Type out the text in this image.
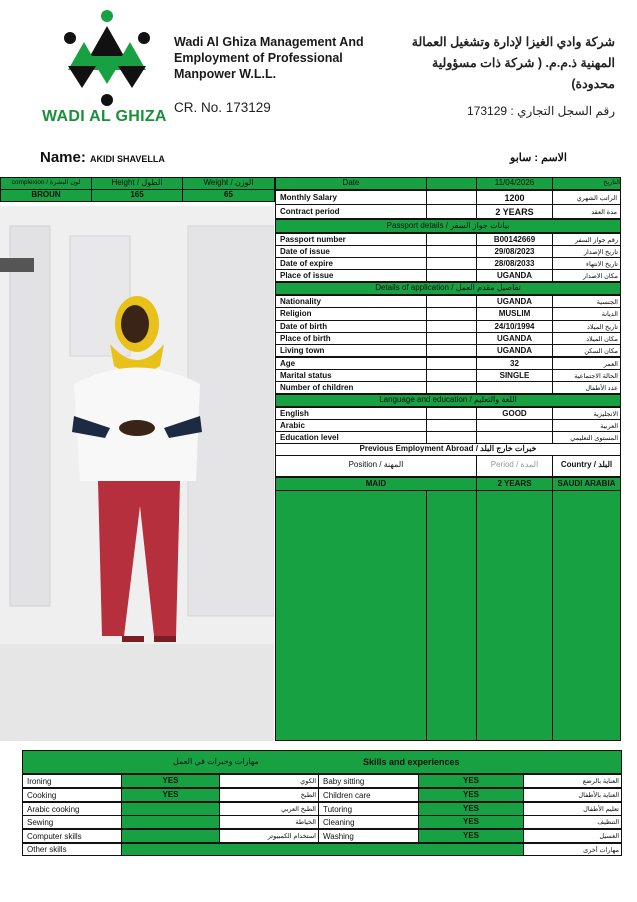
WADI AL GHIZA
Wadi Al Ghiza Management And Employment of Professional Manpower W.L.L.
CR. No. 173129
شركة وادي الغيزا لإدارة وتشغيل العمالة المهنية ذ.م.م. ( شركة ذات مسؤولية محدودة)
رقم السجل التجاري : 173129
Name: AKIDI SHAVELLA	الاسم : سابو
complexion / لون البشرة	Height / الطول	Weight / الوزن
BROUN	165	65
Date	11/04/2026	التاريخ
Monthly Salary	1200	الراتب الشهري
Contract period	2 YEARS	مدة العقد
Passport details / بيانات جواز السفر
Details of application / تفاصيل مقدم العمل
Language and education / اللغة والتعليم
Previous Employment Abroad / خبرات خارج البلد
Position / المهنة	Period / المدة	Country / البلد
Skills and experiences
مهارات وخبرات في العمل
Other skills	مهارات أخرى
Passport number	B00142669	رقم جواز السفر
Date of issue	29/08/2023	تاريخ الإصدار
Date of expire	28/08/2033	تاريخ الانتهاء
Place of issue	UGANDA	مكان الاصدار
Nationality	UGANDA	الجنسية
Religion	MUSLIM	الديانة
Date of birth	24/10/1994	تاريخ الميلاد
Place of birth	UGANDA	مكان الميلاد
Living town	UGANDA	مكان السكن
Age	32	العمر
Marital status	SINGLE	الحالة الاجتماعية
Number of children	عدد الأطفال
English	GOOD	الانجليزية
Arabic	العربية
Education level	المستوى التعليمي
MAID	2 YEARS	SAUDI ARABIA
Ironing	YES	الكوي
Cooking	YES	الطبخ
Arabic cooking	الطبخ العربي
Sewing	الخياطة
Computer skills	استخدام الكمبيوتر
Baby sitting	YES	العناية بالرضع
Children care	YES	العناية بالأطفال
Tutoring	YES	تعليم الأطفال
Cleaning	YES	التنظيف
Washing	YES	الغسيل
